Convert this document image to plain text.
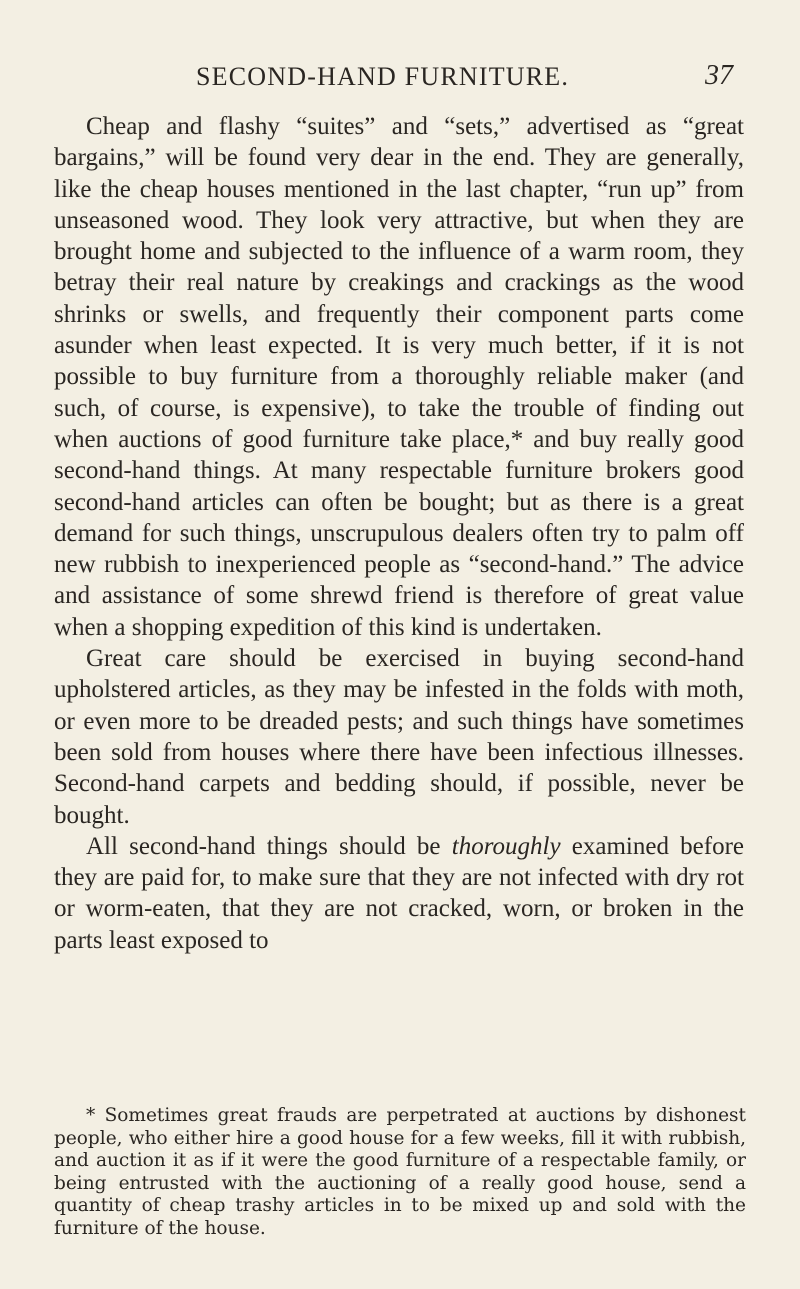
SECOND-HAND FURNITURE.	37

Cheap and flashy “suites” and “sets,” advertised as “great bargains,” will be found very dear in the end. They are generally, like the cheap houses mentioned in the last chapter, “run up” from unseasoned wood. They look very attractive, but when they are brought home and subjected to the influence of a warm room, they betray their real nature by creakings and crackings as the wood shrinks or swells, and frequently their component parts come asunder when least expected. It is very much better, if it is not possible to buy furniture from a thoroughly reliable maker (and such, of course, is expensive), to take the trouble of finding out when auctions of good furniture take place,* and buy really good second-hand things. At many respectable furniture brokers good second-hand articles can often be bought; but as there is a great demand for such things, unscrupulous dealers often try to palm off new rubbish to inexperienced people as “second-hand.” The advice and assistance of some shrewd friend is therefore of great value when a shopping expedition of this kind is undertaken.

Great care should be exercised in buying second-hand upholstered articles, as they may be infested in the folds with moth, or even more to be dreaded pests; and such things have sometimes been sold from houses where there have been infectious illnesses. Second-hand carpets and bedding should, if possible, never be bought.

All second-hand things should be thoroughly examined before they are paid for, to make sure that they are not infected with dry rot or worm-eaten, that they are not cracked, worn, or broken in the parts least exposed to

* Sometimes great frauds are perpetrated at auctions by dishonest people, who either hire a good house for a few weeks, fill it with rubbish, and auction it as if it were the good furniture of a respectable family, or being entrusted with the auctioning of a really good house, send a quantity of cheap trashy articles in to be mixed up and sold with the furniture of the house.
